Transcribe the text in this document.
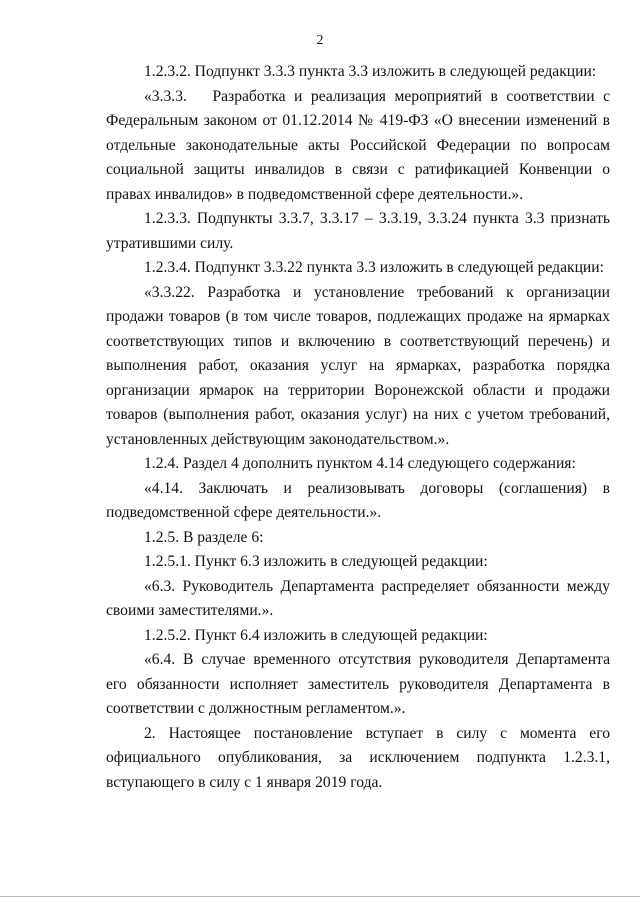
2

1.2.3.2. Подпункт 3.3.3 пункта 3.3 изложить в следующей редакции:

«3.3.3.   Разработка и реализация мероприятий в соответствии с Федеральным законом от 01.12.2014 № 419-ФЗ «О внесении изменений в отдельные законодательные акты Российской Федерации по вопросам социальной защиты инвалидов в связи с ратификацией Конвенции о правах инвалидов» в подведомственной сфере деятельности.».

1.2.3.3. Подпункты 3.3.7, 3.3.17 – 3.3.19, 3.3.24 пункта 3.3 признать утратившими силу.

1.2.3.4. Подпункт 3.3.22 пункта 3.3 изложить в следующей редакции:

«3.3.22. Разработка и установление требований к организации продажи товаров (в том числе товаров, подлежащих продаже на ярмарках соответствующих типов и включению в соответствующий перечень) и выполнения работ, оказания услуг на ярмарках, разработка порядка организации ярмарок на территории Воронежской области и продажи товаров (выполнения работ, оказания услуг) на них с учетом требований, установленных действующим законодательством.».

1.2.4. Раздел 4 дополнить пунктом 4.14 следующего содержания:

«4.14. Заключать и реализовывать договоры (соглашения) в подведомственной сфере деятельности.».

1.2.5. В разделе 6:

1.2.5.1. Пункт 6.3 изложить в следующей редакции:

«6.3. Руководитель Департамента распределяет обязанности между своими заместителями.».

1.2.5.2. Пункт 6.4 изложить в следующей редакции:

«6.4. В случае временного отсутствия руководителя Департамента его обязанности исполняет заместитель руководителя Департамента в соответствии с должностным регламентом.».

2. Настоящее постановление вступает в силу с момента его официального опубликования, за исключением подпункта 1.2.3.1, вступающего в силу с 1 января 2019 года.
